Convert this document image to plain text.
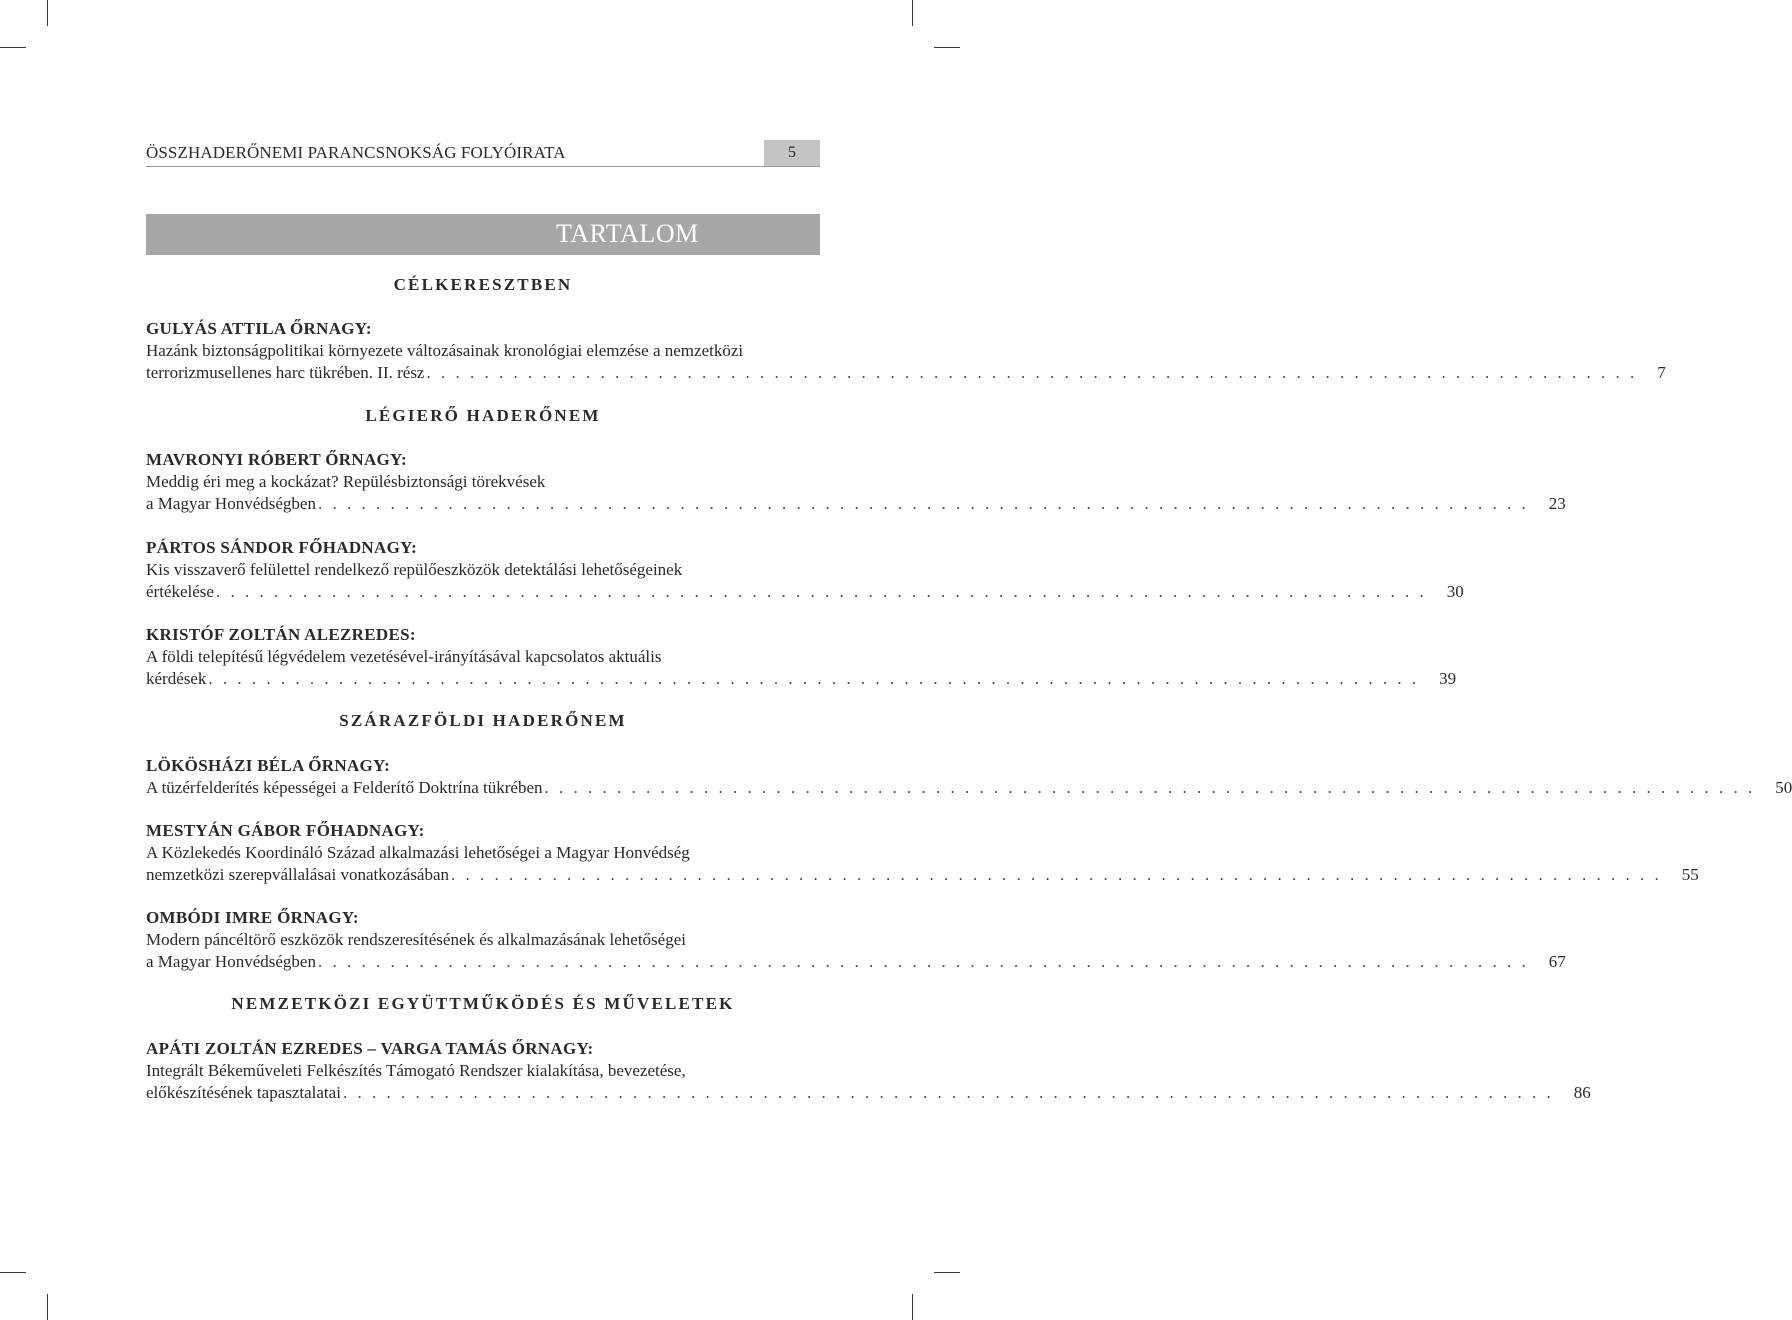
ÖSSZHADERŐNEMI PARANCSNOKSÁG FOLYÓIRATA	5
TARTALOM
CÉLKERESZTBEN
GULYÁS ATTILA ŐRNAGY:
Hazánk biztonságpolitikai környezete változásainak kronológiai elemzése a nemzetközi
terrorizmusellenes harc tükrében. II. rész . . . . . . . . . . . . . . . . . . . . . . . . . . . . . . . . . . . . . . . . . . . . . . . . . . . . . . . . . . . . . . . . . . . . . . . . . . . . . . . . . . . . 7
LÉGIERŐ HADERŐNEM
MAVRONYI RÓBERT ŐRNAGY:
Meddig éri meg a kockázat? Repülésbiztonsági törekvések
a Magyar Honvédségben . . . . . . . . . . . . . . . . . . . . . . . . . . . . . . . . . . . . . . . . . . . . . . . . . . . . . . . . . . . . . . . . . . . . . . . . . . . . . . . . . . . . 23
PÁRTOS SÁNDOR FŐHADNAGY:
Kis visszaverő felülettel rendelkező repülőeszközök detektálási lehetőségeinek
értékelése . . . . . . . . . . . . . . . . . . . . . . . . . . . . . . . . . . . . . . . . . . . . . . . . . . . . . . . . . . . . . . . . . . . . . . . . . . . . . . . . . . . . 30
KRISTÓF ZOLTÁN ALEZREDES:
A földi telepítésű légvédelem vezetésével-irányításával kapcsolatos aktuális
kérdések . . . . . . . . . . . . . . . . . . . . . . . . . . . . . . . . . . . . . . . . . . . . . . . . . . . . . . . . . . . . . . . . . . . . . . . . . . . . . . . . . . . . 39
SZÁRAZFÖLDI HADERŐNEM
LÖKÖSHÁZI BÉLA ŐRNAGY:
A tüzérfelderítés képességei a Felderítő Doktrína tükrében . . . . . . . . . . . . . . . . . . . . . . . . . . . . . . . . . . . . . . . . . . . . . . . . . . . . . . . . . . . . . . . . . . . . . . . . . . . . . . . . . . . . 50
MESTYÁN GÁBOR FŐHADNAGY:
A Közlekedés Koordináló Század alkalmazási lehetőségei a Magyar Honvédség
nemzetközi szerepvállalásai vonatkozásában . . . . . . . . . . . . . . . . . . . . . . . . . . . . . . . . . . . . . . . . . . . . . . . . . . . . . . . . . . . . . . . . . . . . . . . . . . . . . . . . . . . . 55
OMBÓDI IMRE ŐRNAGY:
Modern páncéltörő eszközök rendszeresítésének és alkalmazásának lehetőségei
a Magyar Honvédségben . . . . . . . . . . . . . . . . . . . . . . . . . . . . . . . . . . . . . . . . . . . . . . . . . . . . . . . . . . . . . . . . . . . . . . . . . . . . . . . . . . . . 67
NEMZETKÖZI EGYÜTTMŰKÖDÉS ÉS MŰVELETEK
APÁTI ZOLTÁN EZREDES – VARGA TAMÁS ŐRNAGY:
Integrált Békeműveleti Felkészítés Támogató Rendszer kialakítása, bevezetése,
előkészítésének tapasztalatai . . . . . . . . . . . . . . . . . . . . . . . . . . . . . . . . . . . . . . . . . . . . . . . . . . . . . . . . . . . . . . . . . . . . . . . . . . . . . . . . . . . . 86
